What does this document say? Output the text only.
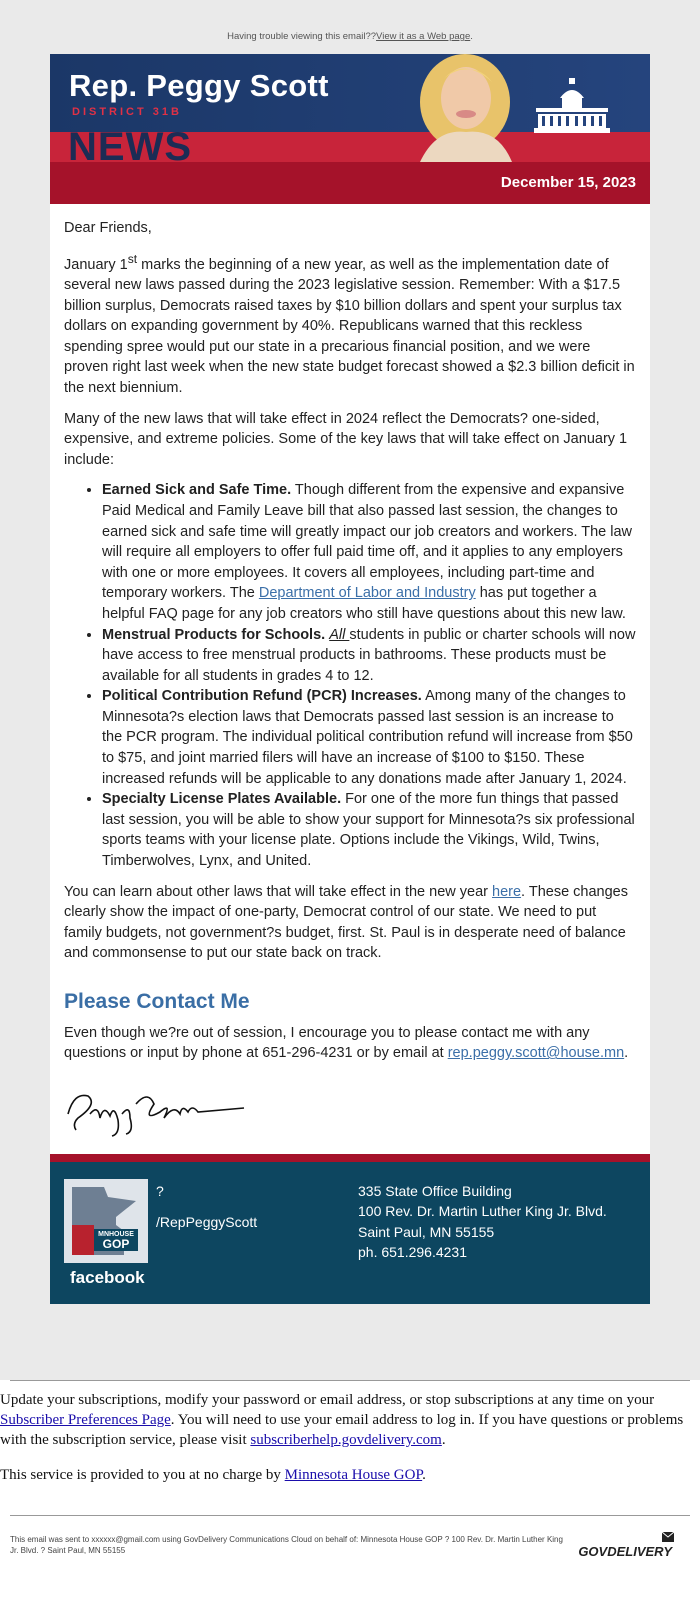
Having trouble viewing this email??View it as a Web page.
Rep. Peggy Scott
DISTRICT 31B
NEWS
December 15, 2023

Dear Friends,

January 1st marks the beginning of a new year, as well as the implementation date of several new laws passed during the 2023 legislative session. Remember: With a $17.5 billion surplus, Democrats raised taxes by $10 billion dollars and spent your surplus tax dollars on expanding government by 40%. Republicans warned that this reckless spending spree would put our state in a precarious financial position, and we were proven right last week when the new state budget forecast showed a $2.3 billion deficit in the next biennium.

Many of the new laws that will take effect in 2024 reflect the Democrats? one-sided, expensive, and extreme policies. Some of the key laws that will take effect on January 1 include:

• Earned Sick and Safe Time. Though different from the expensive and expansive Paid Medical and Family Leave bill that also passed last session, the changes to earned sick and safe time will greatly impact our job creators and workers. The law will require all employers to offer full paid time off, and it applies to any employers with one or more employees. It covers all employees, including part-time and temporary workers. The Department of Labor and Industry has put together a helpful FAQ page for any job creators who still have questions about this new law.
• Menstrual Products for Schools. All students in public or charter schools will now have access to free menstrual products in bathrooms. These products must be available for all students in grades 4 to 12.
• Political Contribution Refund (PCR) Increases. Among many of the changes to Minnesota?s election laws that Democrats passed last session is an increase to the PCR program. The individual political contribution refund will increase from $50 to $75, and joint married filers will have an increase of $100 to $150. These increased refunds will be applicable to any donations made after January 1, 2024.
• Specialty License Plates Available. For one of the more fun things that passed last session, you will be able to show your support for Minnesota?s six professional sports teams with your license plate. Options include the Vikings, Wild, Twins, Timberwolves, Lynx, and United.

You can learn about other laws that will take effect in the new year here. These changes clearly show the impact of one-party, Democrat control of our state. We need to put family budgets, not government?s budget, first. St. Paul is in desperate need of balance and commonsense to put our state back on track.

Please Contact Me

Even though we?re out of session, I encourage you to please contact me with any questions or input by phone at 651-296-4231 or by email at rep.peggy.scott@house.mn.

MNHOUSE
GOP
facebook
?
/RepPeggyScott
335 State Office Building
100 Rev. Dr. Martin Luther King Jr. Blvd.
Saint Paul, MN 55155
ph. 651.296.4231

Update your subscriptions, modify your password or email address, or stop subscriptions at any time on your Subscriber Preferences Page. You will need to use your email address to log in. If you have questions or problems with the subscription service, please visit subscriberhelp.govdelivery.com.

This service is provided to you at no charge by Minnesota House GOP.

This email was sent to xxxxxx@gmail.com using GovDelivery Communications Cloud on behalf of: Minnesota House GOP ? 100 Rev. Dr. Martin Luther King Jr. Blvd. ? Saint Paul, MN 55155	GOVDELIVERY
